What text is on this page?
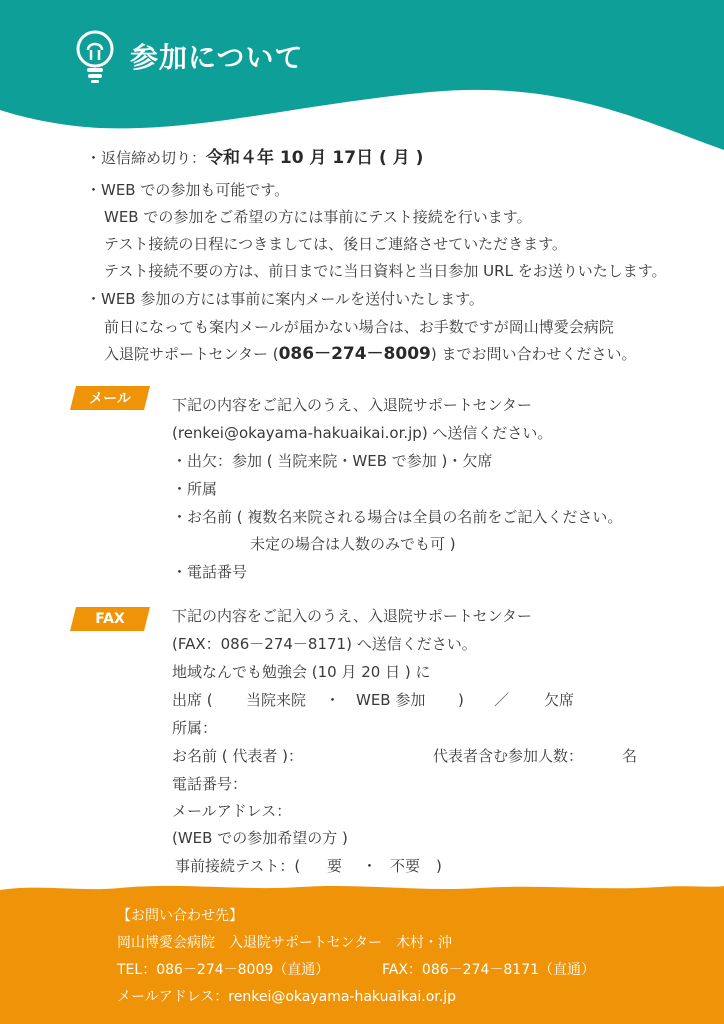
参加について
・返信締め切り：令和４年 10 月 17日 ( 月 )
・WEB での参加も可能です。
WEB での参加をご希望の方には事前にテスト接続を行います。
テスト接続の日程につきましては、後日ご連絡させていただきます。
テスト接続不要の方は、前日までに当日資料と当日参加 URL をお送りいたします。
・WEB 参加の方には事前に案内メールを送付いたします。
前日になっても案内メールが届かない場合は、お手数ですが岡山博愛会病院
入退院サポートセンター (086－274－8009) までお問い合わせください。
メール	下記の内容をご記入のうえ、入退院サポートセンター
(renkei@okayama-hakuaikai.or.jp) へ送信ください。
・出欠：参加 ( 当院来院・WEB で参加 )・欠席
・所属
・お名前 ( 複数名来院される場合は全員の名前をご記入ください。
未定の場合は人数のみでも可 )
・電話番号
FAX	下記の内容をご記入のうえ、入退院サポートセンター
(FAX：086－274－8171) へ送信ください。
地域なんでも勉強会 (10 月 20 日 ) に
出席 ( 当院来院 ・ WEB 参加 ) ／ 欠席
所属：
お名前 ( 代表者 )：	代表者含む参加人数：	名
電話番号：
メールアドレス：
(WEB での参加希望の方 )
事前接続テスト：( 要 ・ 不要 )
【お問い合わせ先】
岡山博愛会病院　入退院サポートセンター　木村・沖
TEL：086－274－8009（直通）	FAX：086－274－8171（直通）
メールアドレス：renkei@okayama-hakuaikai.or.jp
